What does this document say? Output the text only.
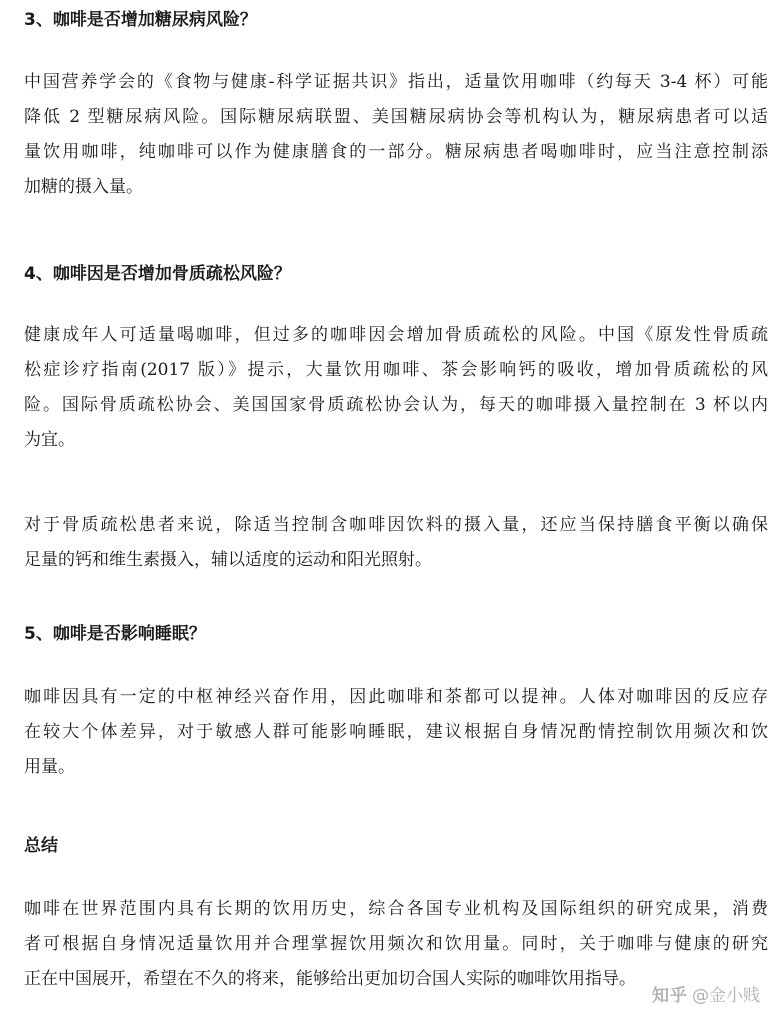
3、咖啡是否增加糖尿病风险？
中国营养学会的《食物与健康-科学证据共识》指出，适量饮用咖啡（约每天 3-4 杯）可能
降低 2 型糖尿病风险。国际糖尿病联盟、美国糖尿病协会等机构认为，糖尿病患者可以适
量饮用咖啡，纯咖啡可以作为健康膳食的一部分。糖尿病患者喝咖啡时，应当注意控制添
加糖的摄入量。
4、咖啡因是否增加骨质疏松风险？
健康成年人可适量喝咖啡，但过多的咖啡因会增加骨质疏松的风险。中国《原发性骨质疏
松症诊疗指南(2017 版）》提示，大量饮用咖啡、茶会影响钙的吸收，增加骨质疏松的风
险。国际骨质疏松协会、美国国家骨质疏松协会认为，每天的咖啡摄入量控制在 3 杯以内
为宜。
对于骨质疏松患者来说，除适当控制含咖啡因饮料的摄入量，还应当保持膳食平衡以确保
足量的钙和维生素摄入，辅以适度的运动和阳光照射。
5、咖啡是否影响睡眠？
咖啡因具有一定的中枢神经兴奋作用，因此咖啡和茶都可以提神。人体对咖啡因的反应存
在较大个体差异，对于敏感人群可能影响睡眠，建议根据自身情况酌情控制饮用频次和饮
用量。
总结
咖啡在世界范围内具有长期的饮用历史，综合各国专业机构及国际组织的研究成果，消费
者可根据自身情况适量饮用并合理掌握饮用频次和饮用量。同时，关于咖啡与健康的研究
正在中国展开，希望在不久的将来，能够给出更加切合国人实际的咖啡饮用指导。
知乎 @金小贱
